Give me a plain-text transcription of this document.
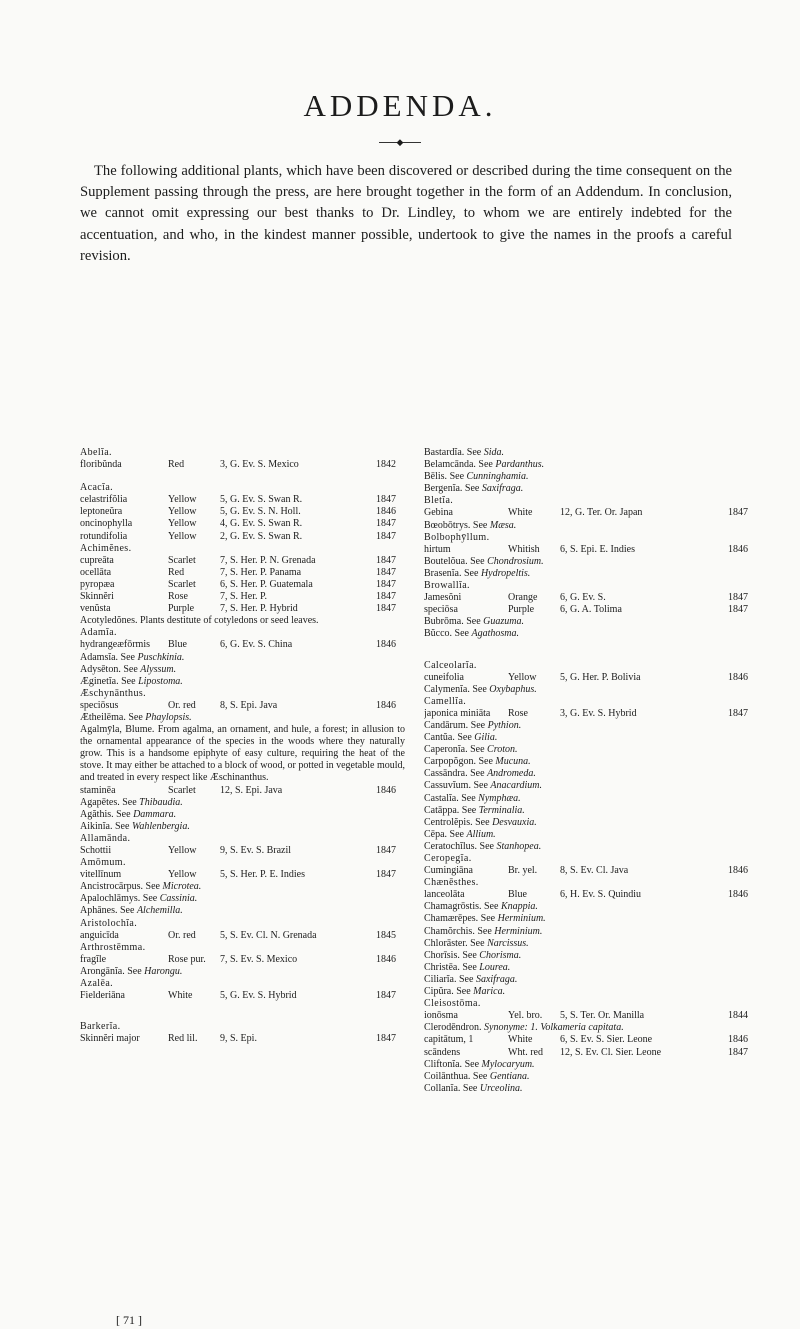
ADDENDA.
◆
The following additional plants, which have been discovered or described during the time consequent on the Supplement passing through the press, are here brought together in the form of an Addendum. In conclusion, we cannot omit expressing our best thanks to Dr. Lindley, to whom we are entirely indebted for the accentuation, and who, in the kindest manner possible, undertook to give the names in the proofs a careful revision.
Abelĭa.
floribŭnda	Red	3, G. Ev. S. Mexico	1842
Acacĭa.
celastrifŏlia	Yellow 5, G. Ev. S. Swan R.	1847
leptoneŭra	Yellow 5, G. Ev. S. N. Holl.	1846
oncinophylla	Yellow 4, G. Ev. S. Swan R.	1847
rotundifolia	Yellow 2, G. Ev. S. Swan R.	1847
Achimĕnes.
cupreāta	Scarlet 7, S. Her. P. N. Grenada	1847
ocellāta	Red	7, S. Her. P. Panama	1847
pyropæa	Scarlet 6, S. Her. P. Guatemala	1847
Skinnĕri	Rose	7, S. Her. P.	1847
venŭsta	Purple	7, S. Her. P. Hybrid	1847
Acotyledŏnes. Plants destitute of cotyledons or seed leaves.
Adamĭa.
hydrangeæfōrmis Blue	6, G. Ev. S. China	1846
Adamsĭa. See Puschkinia.
Adysēton. See Alyssum.
Æginetĭa. See Lipostoma.
Æschynānthus.
speciōsus	Or. red 8, S. Epi. Java	1846
Ætheilēma. See Phaylopsis.
Agalmȳla, Blume. From agalma, an ornament, and hule, a forest; in allusion to the ornamental appearance of the species in the woods where they naturally grow. This is a handsome epiphyte of easy culture, requiring the heat of the stove. It may either be attached to a block of wood, or potted in vegetable mould, and treated in every respect like Æschinanthus.
staminēa	Scarlet 12, S. Epi. Java	1846
Agapētes. See Thibaudia.
Agăthis. See Dammara.
Aikinĭa. See Wahlenbergia.
Allamānda.
Schottii	Yellow 9, S. Ev. S. Brazil	1847
Amōmum.
vitellīnum	Yellow 5, S. Her. P. E. Indies	1847
Ancistrocārpus. See Microtea.
Apalochlāmys. See Cassinia.
Aphānes. See Alchemilla.
Aristolochĭa.
anguicīda	Or. red 5, S. Ev. Cl. N. Grenada	1845
Arthrostēmma.
fragĭle	Rose pur. 7, S. Ev. S. Mexico	1846
Arongānĭa. See Harongu.
Azalēa.
Fielderiāna	White	5, G. Ev. S. Hybrid	1847
Barkerĭa.
Skinnĕri major	Red lil. 9, S. Epi.	1847
Bastardĭa. See Sida.
Belamcānda. See Pardanthus.
Bēlis. See Cunninghamia.
Bergenĭa. See Saxifraga.
Bletĭa.
Gebina	White	12, G. Ter. Or. Japan	1847
Bœobōtrys. See Mæsa.
Bolbophȳllum.
hirtum	Whitish 6, S. Epi. E. Indies	1846
Boutelŏua. See Chondrosium.
Brasenĭa. See Hydropeltis.
Browallĭa.
Jamesŏni	Orange 6, G. Ev. S.	1847
speciōsa	Purple	6, G. A. Tolima	1847
Bubrōma. See Guazuma.
Bŭcco. See Agathosma.
Calceolarĭa.
cuneifolia	Yellow 5, G. Her. P. Bolivia	1846
Calymenĭa. See Oxybaphus.
Camellĭa.
japonica miniāta Rose	3, G. Ev. S. Hybrid	1847
Candārum. See Pythion.
Cantŭa. See Gilia.
Caperonĭa. See Croton.
Carpopŏgon. See Mucuna.
Cassāndra. See Andromeda.
Cassuvĭum. See Anacardium.
Castalĭa. See Nymphæa.
Catāppa. See Terminalia.
Centrolĕpis. See Desvauxia.
Cēpa. See Allium.
Ceratochĭlus. See Stanhopea.
Ceropegĭa.
Cumingiāna	Br. yel. 8, S. Ev. Cl. Java	1846
Chænēsthes.
lanceolāta	Blue	6, H. Ev. S. Quindiu	1846
Chamagrōstis. See Knappia.
Chamærēpes. See Herminium.
Chamŏrchis. See Herminium.
Chlorāster. See Narcissus.
Chorīsis. See Chorisma.
Christēa. See Lourea.
Ciliarĭa. See Saxifraga.
Cipŭra. See Marica.
Cleisostōma.
ionōsma	Yel. bro. 5, S. Ter. Or. Manilla	1844
Clerodēndron. Synonyme: 1. Volkameria capitata.
capitātum, 1	White	6, S. Ev. S. Sier. Leone	1846
scāndens	Wht. red 12, S. Ev. Cl. Sier. Leone	1847
Cliftonĭa. See Mylocaryum.
Coilānthua. See Gentiana.
Collanĭa. See Urceolina.
[ 71 ]
